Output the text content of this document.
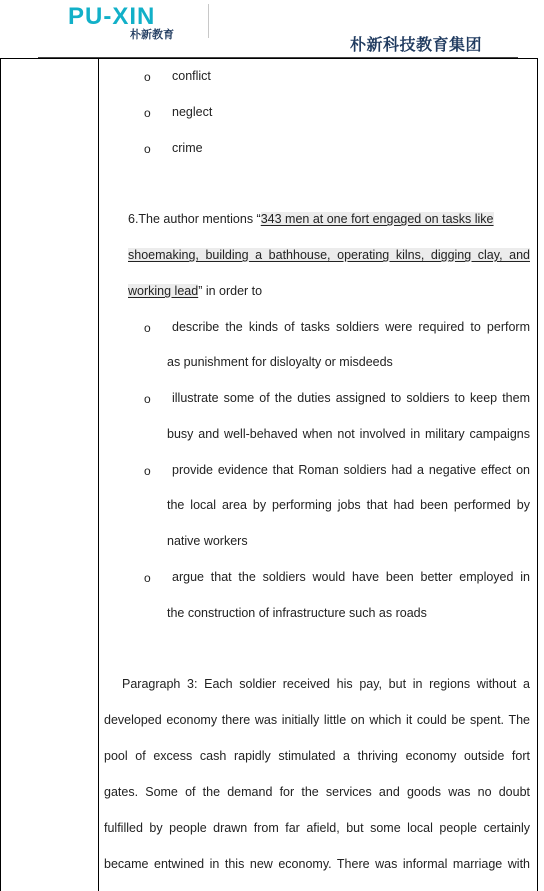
PU-XIN
朴新教育
朴新科技教育集团
o conflict
o neglect
o crime
6.The author mentions “343 men at one fort engaged on tasks like
shoemaking, building a bathhouse, operating kilns, digging clay, and
working lead” in order to
o describe the kinds of tasks soldiers were required to perform
as punishment for disloyalty or misdeeds
o illustrate some of the duties assigned to soldiers to keep them
busy and well-behaved when not involved in military campaigns
o provide evidence that Roman soldiers had a negative effect on
the local area by performing jobs that had been performed by
native workers
o argue that the soldiers would have been better employed in
the construction of infrastructure such as roads
Paragraph 3: Each soldier received his pay, but in regions without a
developed economy there was initially little on which it could be spent. The
pool of excess cash rapidly stimulated a thriving economy outside fort
gates. Some of the demand for the services and goods was no doubt
fulfilled by people drawn from far afield, but some local people certainly
became entwined in this new economy. There was informal marriage with
